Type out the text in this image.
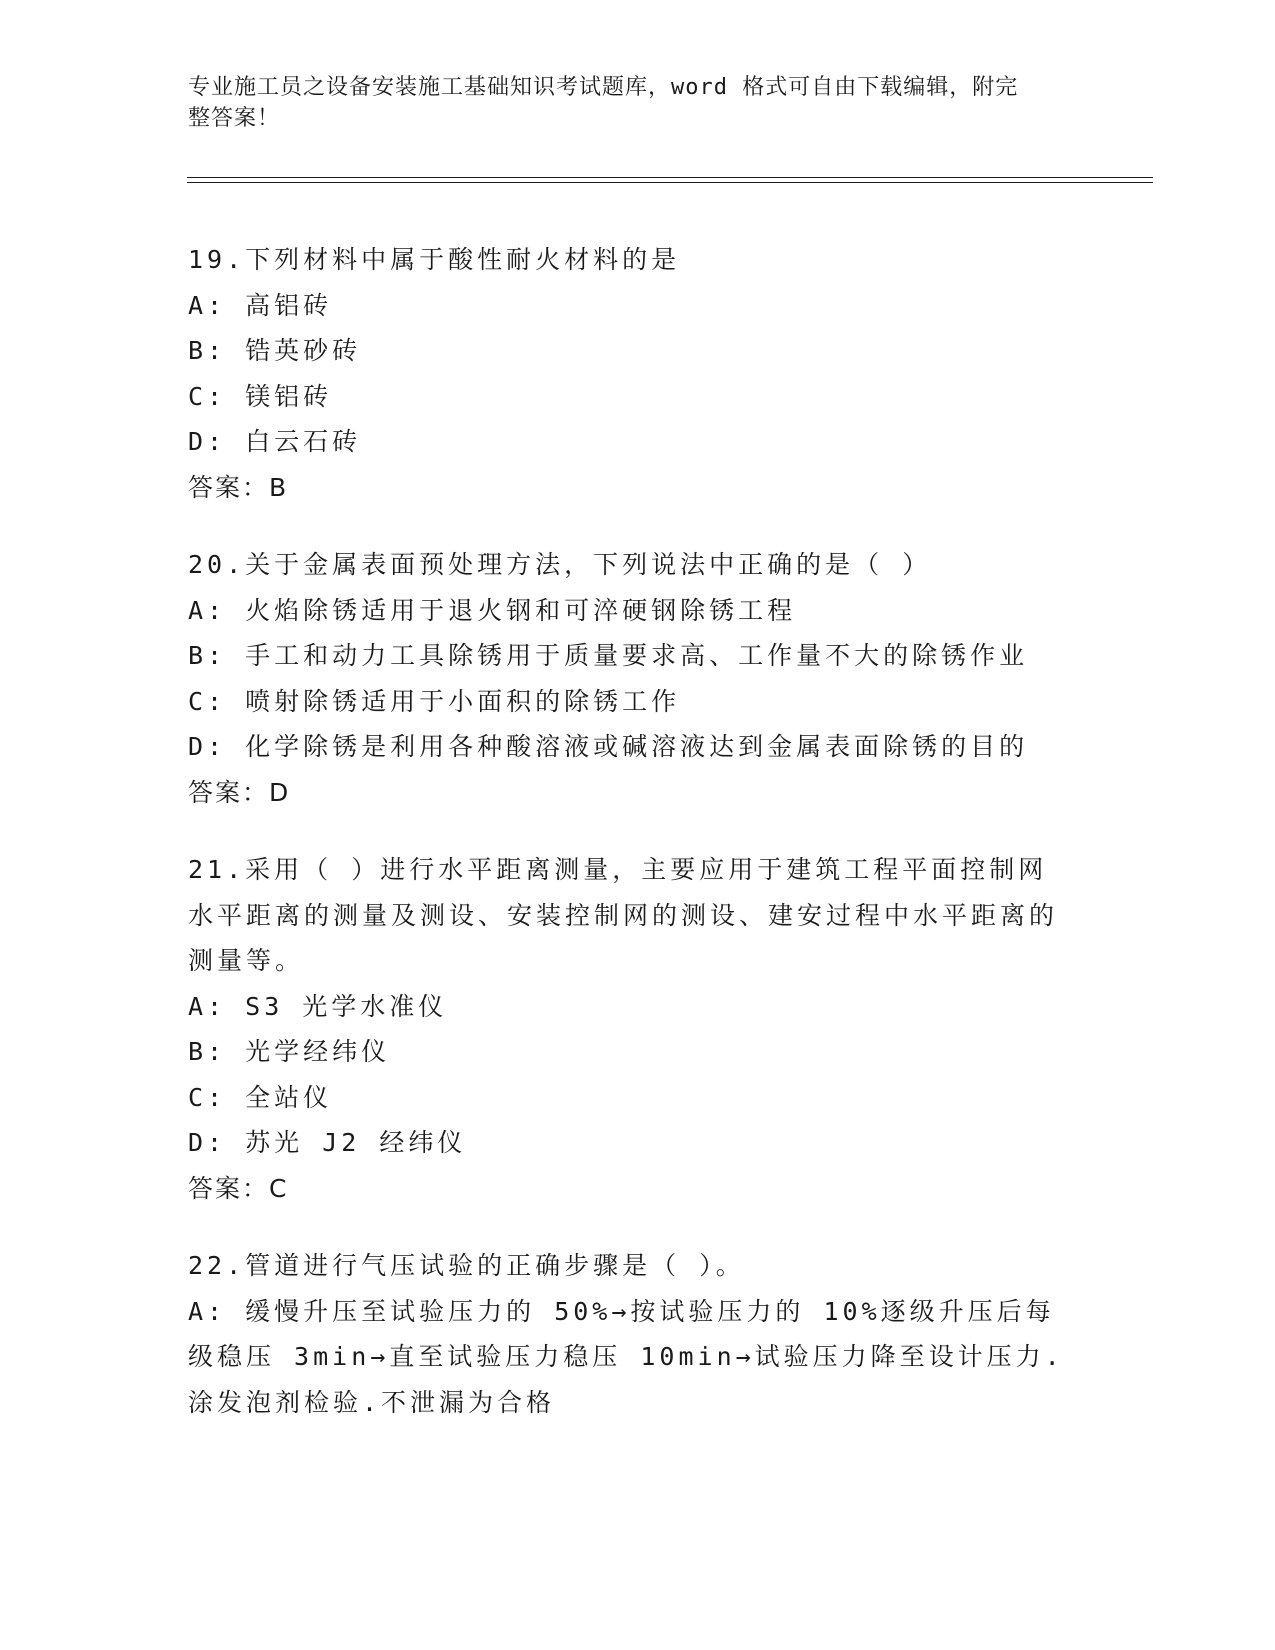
专业施工员之设备安装施工基础知识考试题库，word 格式可自由下载编辑，附完
整答案！
19.下列材料中属于酸性耐火材料的是
A: 高铝砖
B: 锆英砂砖
C: 镁铝砖
D: 白云石砖
答案：B
20.关于金属表面预处理方法，下列说法中正确的是（ ）
A: 火焰除锈适用于退火钢和可淬硬钢除锈工程
B: 手工和动力工具除锈用于质量要求高、工作量不大的除锈作业
C: 喷射除锈适用于小面积的除锈工作
D: 化学除锈是利用各种酸溶液或碱溶液达到金属表面除锈的目的
答案：D
21.采用（ ）进行水平距离测量，主要应用于建筑工程平面控制网水平距离的测量及测设、安装控制网的测设、建安过程中水平距离的测量等。
A: S3 光学水准仪
B: 光学经纬仪
C: 全站仪
D: 苏光 J2 经纬仪
答案：C
22.管道进行气压试验的正确步骤是（ ）。
A: 缓慢升压至试验压力的 50%→按试验压力的 10%逐级升压后每级稳压 3min→直至试验压力稳压 10min→试验压力降至设计压力.涂发泡剂检验.不泄漏为合格
